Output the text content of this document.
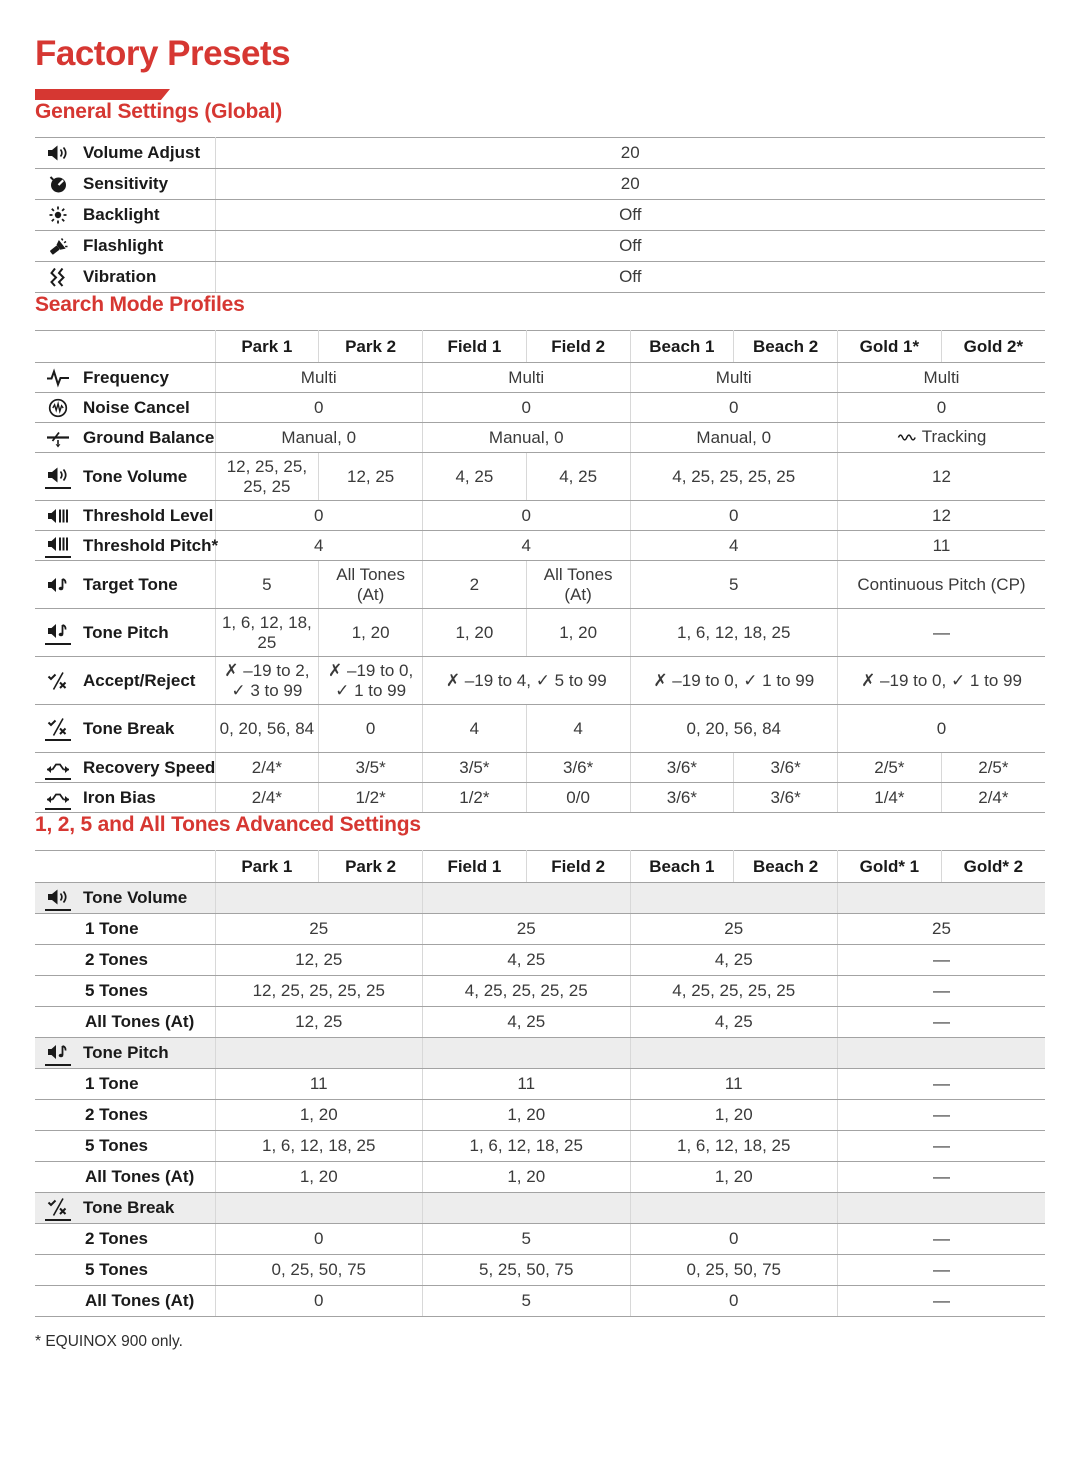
Factory Presets
General Settings (Global)
Volume Adjust	20

Sensitivity	20

Backlight	Off

Flashlight	Off

Vibration	Off
Search Mode Profiles
	Park 1	Park 2	Field 1	Field 2	Beach 1	Beach 2	Gold 1*	Gold 2*

Frequency	Multi		Multi		Multi		Multi	

Noise Cancel	0		0		0		0	

Ground Balance	Manual, 0		Manual, 0		Manual, 0		Tracking	

Tone Volume	12, 25, 25, 25, 25	12, 25	4, 25	4, 25	4, 25, 25, 25, 25		12	

Threshold Level	0		0		0		12	

Threshold Pitch*	4		4		4		11	

Target Tone	5	All Tones (At)	2	All Tones (At)	5		Continuous Pitch (CP)	

Tone Pitch	1, 6, 12, 18, 25	1, 20	1, 20	1, 20	1, 6, 12, 18, 25		—	

Accept/Reject	✗ –19 to 2, ✓ 3 to 99	✗ –19 to 0, ✓ 1 to 99	✗ –19 to 4, ✓ 5 to 99		✗ –19 to 0, ✓ 1 to 99		✗ –19 to 0, ✓ 1 to 99	

Tone Break	0, 20, 56, 84	0	4	4	0, 20, 56, 84		0	

Recovery Speed	2/4*	3/5*	3/5*	3/6*	3/6*	3/6*	2/5*	2/5*

Iron Bias	2/4*	1/2*	1/2*	0/0	3/6*	3/6*	1/4*	2/4*
1, 2, 5 and All Tones Advanced Settings
	Park 1	Park 2	Field 1	Field 2	Beach 1	Beach 2	Gold* 1	Gold* 2

Tone Volume								

1 Tone	25		25		25		25	

2 Tones	12, 25		4, 25		4, 25		—	

5 Tones	12, 25, 25, 25, 25		4, 25, 25, 25, 25		4, 25, 25, 25, 25		—	

All Tones (At)	12, 25		4, 25		4, 25		—	

Tone Pitch								

1 Tone	11		11		11		—	

2 Tones	1, 20		1, 20		1, 20		—	

5 Tones	1, 6, 12, 18, 25		1, 6, 12, 18, 25		1, 6, 12, 18, 25		—	

All Tones (At)	1, 20		1, 20		1, 20		—	

Tone Break								

2 Tones	0		5		0		—	

5 Tones	0, 25, 50, 75		5, 25, 50, 75		0, 25, 50, 75		—	

All Tones (At)	0		5		0		—	
* EQUINOX 900 only.
